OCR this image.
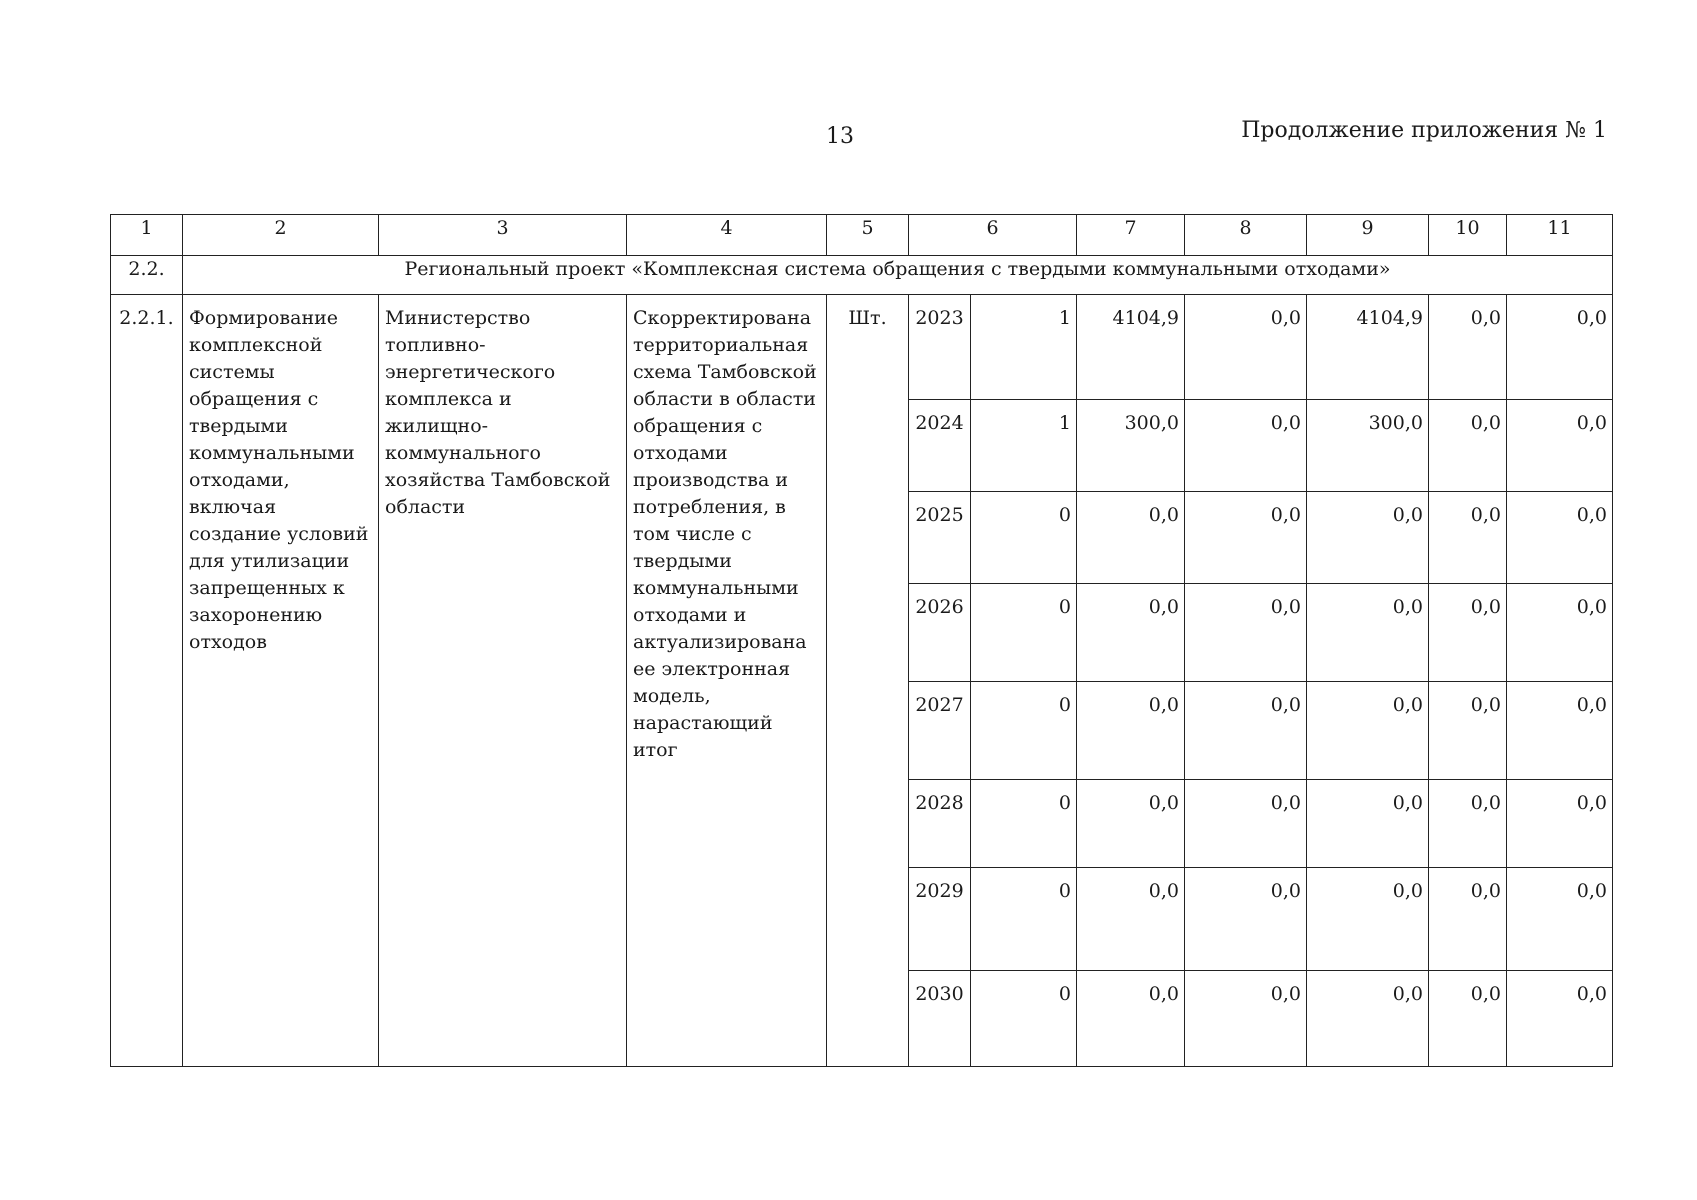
13	Продолжение приложения № 1
1	2	3	4	5	6		7	8	9	10	11
2.2.	Региональный проект «Комплексная система обращения с твердыми коммунальными отходами»										
2.2.1.	Формирование комплексной системы обращения с твердыми коммунальными отходами, включая создание условий для утилизации запрещенных к захоронению отходов	Министерство топливно-энергетического комплекса и жилищно-коммунального хозяйства Тамбовской области	Скорректирована территориальная схема Тамбовской области в области обращения с отходами производства и потребления, в том числе с твердыми коммунальными отходами и актуализирована ее электронная модель, нарастающий итог	Шт.	2023	1	4104,9	0,0	4104,9	0,0	0,0
					2024	1	300,0	0,0	300,0	0,0	0,0
					2025	0	0,0	0,0	0,0	0,0	0,0
					2026	0	0,0	0,0	0,0	0,0	0,0
					2027	0	0,0	0,0	0,0	0,0	0,0
					2028	0	0,0	0,0	0,0	0,0	0,0
					2029	0	0,0	0,0	0,0	0,0	0,0
					2030	0	0,0	0,0	0,0	0,0	0,0
